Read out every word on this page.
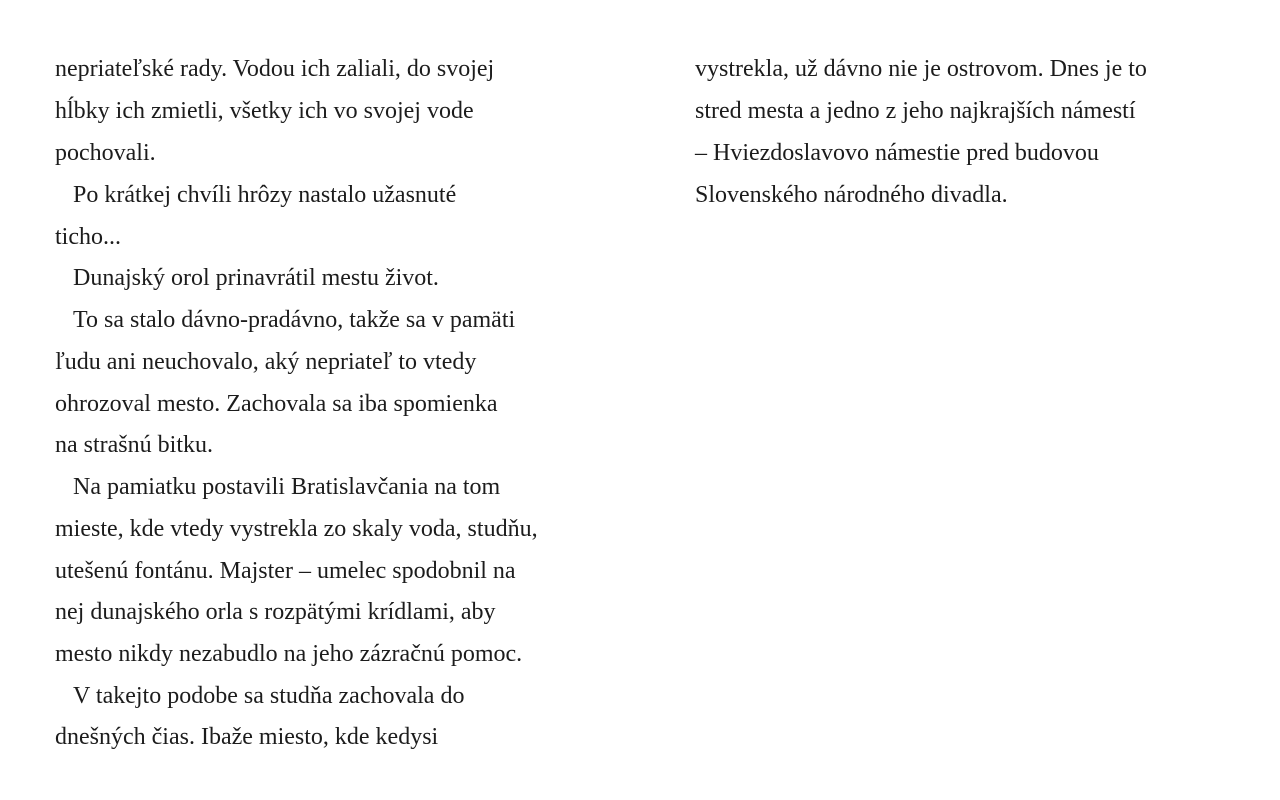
nepriateľské rady. Vodou ich zaliali, do svojej
hĺbky ich zmietli, všetky ich vo svojej vode
pochovali.
Po krátkej chvíli hrôzy nastalo užasnuté
ticho...
Dunajský orol prinavrátil mestu život.
To sa stalo dávno-pradávno, takže sa v pamäti
ľudu ani neuchovalo, aký nepriateľ to vtedy
ohrozoval mesto. Zachovala sa iba spomienka
na strašnú bitku.
Na pamiatku postavili Bratislavčania na tom
mieste, kde vtedy vystrekla zo skaly voda, studňu,
utešenú fontánu. Majster – umelec spodobnil na
nej dunajského orla s rozpätými krídlami, aby
mesto nikdy nezabudlo na jeho zázračnú pomoc.
V takejto podobe sa studňa zachovala do
dnešných čias. Ibaže miesto, kde kedysi
vystrekla, už dávno nie je ostrovom. Dnes je to
stred mesta a jedno z jeho najkrajších námestí
– Hviezdoslavovo námestie pred budovou
Slovenského národného divadla.
